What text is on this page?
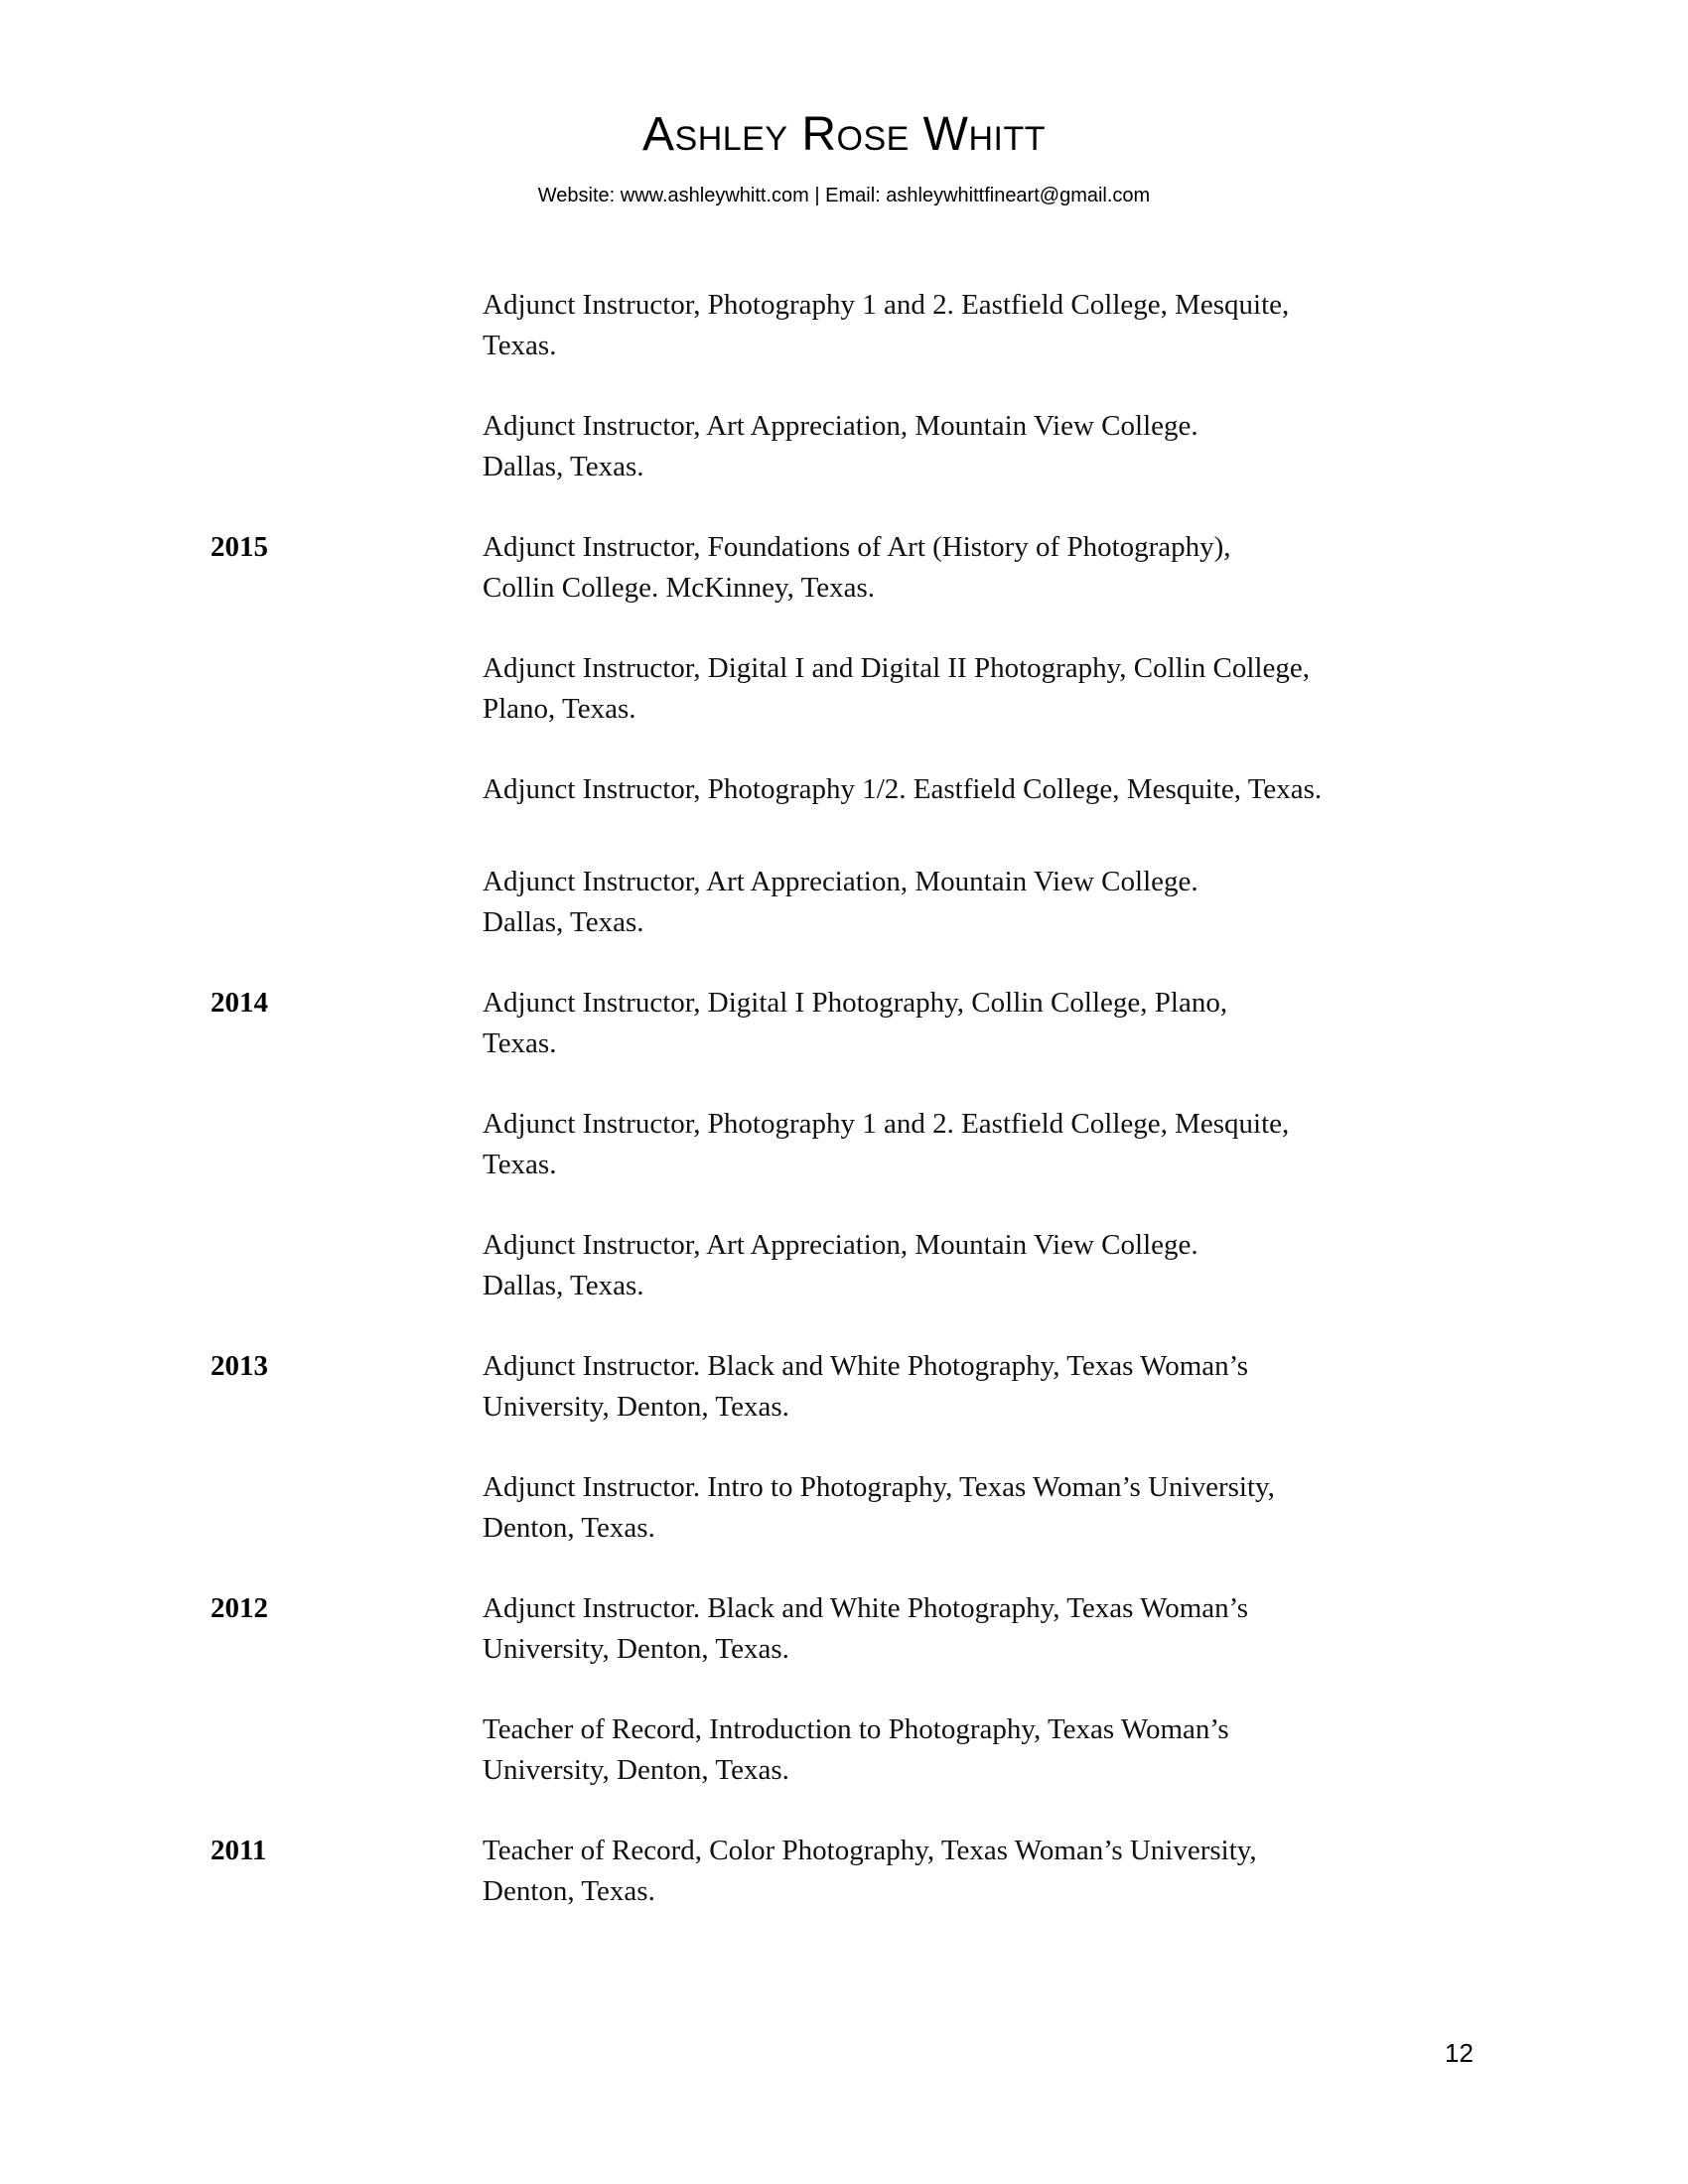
Ashley Rose Whitt
Website: www.ashleywhitt.com | Email: ashleywhittfineart@gmail.com
Adjunct Instructor, Photography 1 and 2. Eastfield College, Mesquite,
Texas.
Adjunct Instructor, Art Appreciation, Mountain View College.
Dallas, Texas.
2015	Adjunct Instructor, Foundations of Art (History of Photography),
Collin College. McKinney, Texas.
Adjunct Instructor, Digital I and Digital II Photography, Collin College,
Plano, Texas.
Adjunct Instructor, Photography 1/2. Eastfield College, Mesquite, Texas.
Adjunct Instructor, Art Appreciation, Mountain View College.
Dallas, Texas.
2014	Adjunct Instructor, Digital I Photography, Collin College, Plano,
Texas.
Adjunct Instructor, Photography 1 and 2. Eastfield College, Mesquite,
Texas.
Adjunct Instructor, Art Appreciation, Mountain View College.
Dallas, Texas.
2013	Adjunct Instructor. Black and White Photography, Texas Woman’s
University, Denton, Texas.
Adjunct Instructor. Intro to Photography, Texas Woman’s University,
Denton, Texas.
2012	Adjunct Instructor. Black and White Photography, Texas Woman’s
University, Denton, Texas.
Teacher of Record, Introduction to Photography, Texas Woman’s
University, Denton, Texas.
2011	Teacher of Record, Color Photography, Texas Woman’s University,
Denton, Texas.
12
